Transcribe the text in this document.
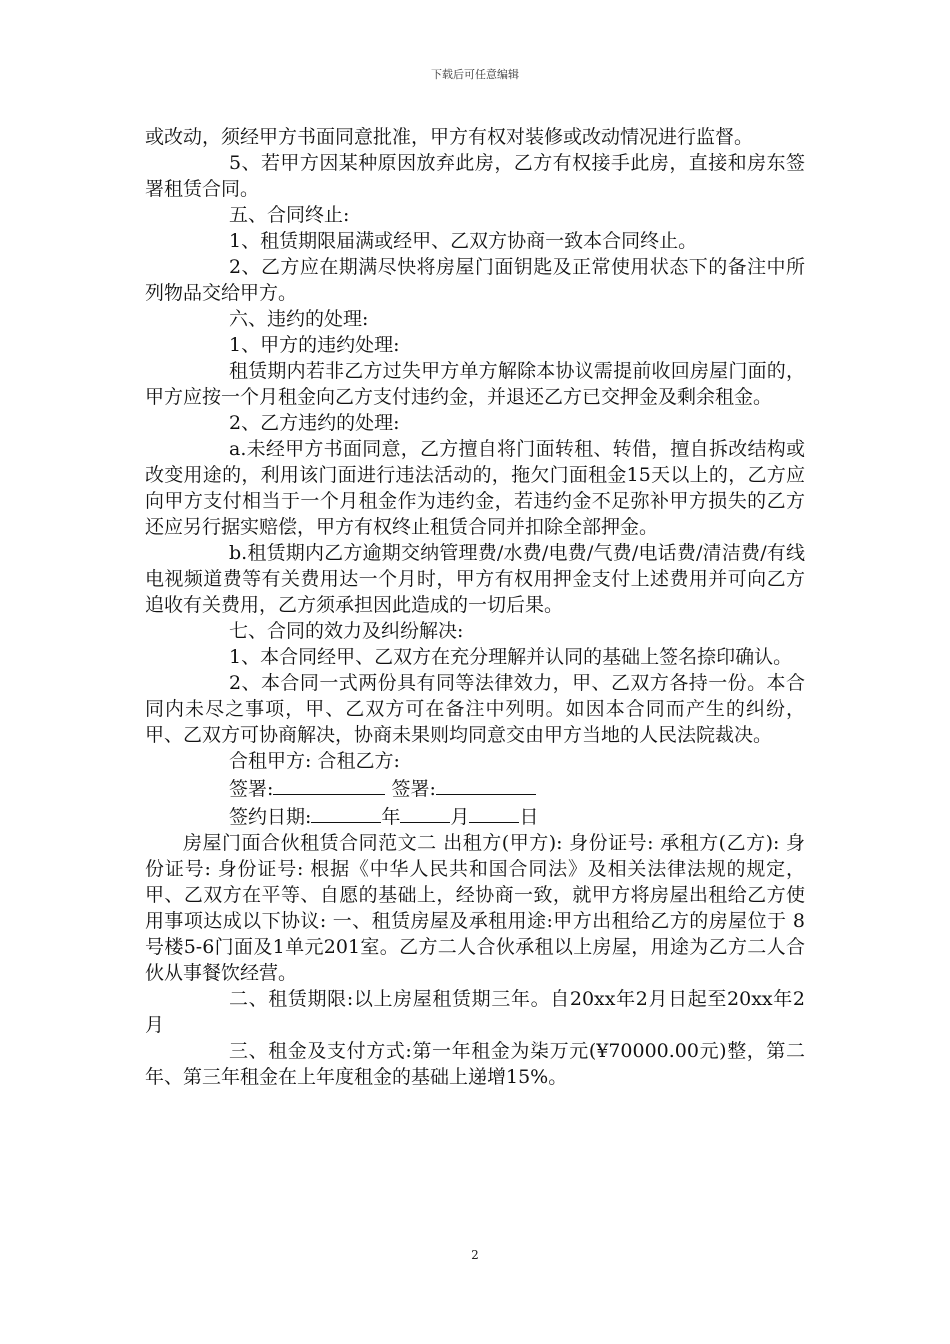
下载后可任意编辑

或改动，须经甲方书面同意批准，甲方有权对装修或改动情况进行监督。

5、若甲方因某种原因放弃此房，乙方有权接手此房，直接和房东签署租赁合同。

五、合同终止:

1、租赁期限届满或经甲、乙双方协商一致本合同终止。

2、乙方应在期满尽快将房屋门面钥匙及正常使用状态下的备注中所列物品交给甲方。

六、违约的处理:

1、甲方的违约处理:

租赁期内若非乙方过失甲方单方解除本协议需提前收回房屋门面的，甲方应按一个月租金向乙方支付违约金，并退还乙方已交押金及剩余租金。

2、乙方违约的处理:

a.未经甲方书面同意，乙方擅自将门面转租、转借，擅自拆改结构或改变用途的，利用该门面进行违法活动的，拖欠门面租金15天以上的，乙方应向甲方支付相当于一个月租金作为违约金，若违约金不足弥补甲方损失的乙方还应另行据实赔偿，甲方有权终止租赁合同并扣除全部押金。

b.租赁期内乙方逾期交纳管理费/水费/电费/气费/电话费/清洁费/有线电视频道费等有关费用达一个月时，甲方有权用押金支付上述费用并可向乙方追收有关费用，乙方须承担因此造成的一切后果。

七、合同的效力及纠纷解决:

1、本合同经甲、乙双方在充分理解并认同的基础上签名捺印确认。

2、本合同一式两份具有同等法律效力，甲、乙双方各持一份。本合同内未尽之事项，甲、乙双方可在备注中列明。如因本合同而产生的纠纷，甲、乙双方可协商解决，协商未果则均同意交由甲方当地的人民法院裁决。

合租甲方: 合租乙方:

签署:	签署:

签约日期:	年	月	日

房屋门面合伙租赁合同范文二 出租方(甲方): 身份证号: 承租方(乙方): 身份证号: 身份证号: 根据《中华人民共和国合同法》及相关法律法规的规定，甲、乙双方在平等、自愿的基础上，经协商一致，就甲方将房屋出租给乙方使用事项达成以下协议: 一、租赁房屋及承租用途:甲方出租给乙方的房屋位于 8号楼5-6门面及1单元201室。乙方二人合伙承租以上房屋，用途为乙方二人合伙从事餐饮经营。

二、租赁期限:以上房屋租赁期三年。自20xx年2月日起至20xx年2月

三、租金及支付方式:第一年租金为柒万元(¥70000.00元)整，第二年、第三年租金在上年度租金的基础上递增15%。

2
